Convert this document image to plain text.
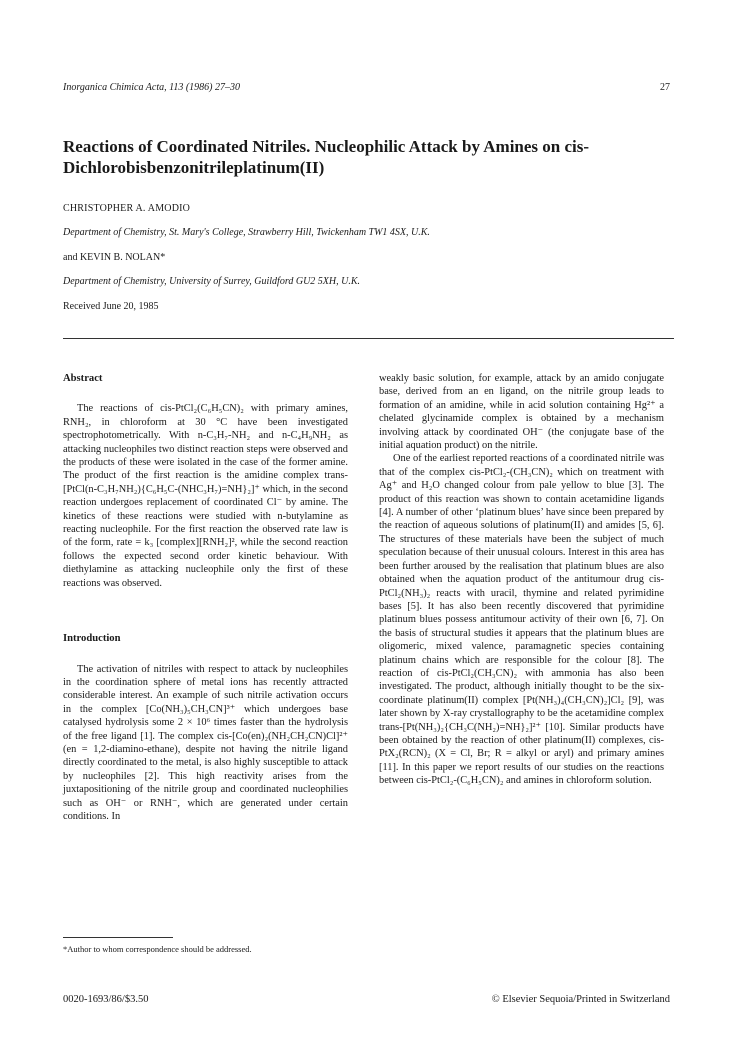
Inorganica Chimica Acta, 113 (1986) 27–30	27
Reactions of Coordinated Nitriles. Nucleophilic Attack by Amines on cis-Dichlorobisbenzonitrileplatinum(II)
CHRISTOPHER A. AMODIO
Department of Chemistry, St. Mary's College, Strawberry Hill, Twickenham TW1 4SX, U.K.
and KEVIN B. NOLAN*
Department of Chemistry, University of Surrey, Guildford GU2 5XH, U.K.
Received June 20, 1985
Abstract

The reactions of cis-PtCl₂(C₆H₅CN)₂ with primary amines, RNH₂, in chloroform at 30 °C have been investigated spectrophotometrically. With n-C₃H₇-NH₂ and n-C₄H₉NH₂ as attacking nucleophiles two distinct reaction steps were observed and the products of these were isolated in the case of the former amine. The product of the first reaction is the amidine complex trans-[PtCl(n-C₃H₇NH₂){C₆H₅C-(NHC₃H₇)=NH}₂]⁺ which, in the second reaction undergoes replacement of coordinated Cl⁻ by amine. The kinetics of these reactions were studied with n-butylamine as reacting nucleophile. For the first reaction the observed rate law is of the form, rate = k₃ [complex][RNH₂]², while the second reaction follows the expected second order kinetic behaviour. With diethylamine as attacking nucleophile only the first of these reactions was observed.

Introduction

The activation of nitriles with respect to attack by nucleophiles in the coordination sphere of metal ions has recently attracted considerable interest. An example of such nitrile activation occurs in the complex [Co(NH₃)₅CH₃CN]³⁺ which undergoes base catalysed hydrolysis some 2 × 10⁶ times faster than the hydrolysis of the free ligand [1]. The complex cis-[Co(en)₂(NH₂CH₂CN)Cl]²⁺ (en = 1,2-diamino-ethane), despite not having the nitrile ligand directly coordinated to the metal, is also highly susceptible to attack by nucleophiles [2]. This high reactivity arises from the juxtapositioning of the nitrile group and coordinated nucleophilies such as OH⁻ or RNH⁻, which are generated under certain conditions. In

weakly basic solution, for example, attack by an amido conjugate base, derived from an en ligand, on the nitrile group leads to formation of an amidine, while in acid solution containing Hg²⁺ a chelated glycinamide complex is obtained by a mechanism involving attack by coordinated OH⁻ (the conjugate base of the initial aquation product) on the nitrile.

One of the earliest reported reactions of a coordinated nitrile was that of the complex cis-PtCl₂-(CH₃CN)₂ which on treatment with Ag⁺ and H₂O changed colour from pale yellow to blue [3]. The product of this reaction was shown to contain acetamidine ligands [4]. A number of other ‘platinum blues’ have since been prepared by the reaction of aqueous solutions of platinum(II) and amides [5, 6]. The structures of these materials have been the subject of much speculation because of their unusual colours. Interest in this area has been further aroused by the realisation that platinum blues are also obtained when the aquation product of the antitumour drug cis-PtCl₂(NH₃)₂ reacts with uracil, thymine and related pyrimidine bases [5]. It has also been recently discovered that pyrimidine platinum blues possess antitumour activity of their own [6, 7]. On the basis of structural studies it appears that the platinum blues are oligomeric, mixed valence, paramagnetic species containing platinum chains which are responsible for the colour [8]. The reaction of cis-PtCl₂(CH₃CN)₂ with ammonia has also been investigated. The product, although initially thought to be the six-coordinate platinum(II) complex [Pt(NH₃)₄(CH₃CN)₂]Cl₂ [9], was later shown by X-ray crystallography to be the acetamidine complex trans-[Pt(NH₃)₂{CH₃C(NH₂)=NH}₂]²⁺ [10]. Similar products have been obtained by the reaction of other platinum(II) complexes, cis-PtX₂(RCN)₂ (X = Cl, Br; R = alkyl or aryl) and primary amines [11]. In this paper we report results of our studies on the reactions between cis-PtCl₂-(C₆H₅CN)₂ and amines in chloroform solution.

*Author to whom correspondence should be addressed.
0020-1693/86/$3.50	© Elsevier Sequoia/Printed in Switzerland
